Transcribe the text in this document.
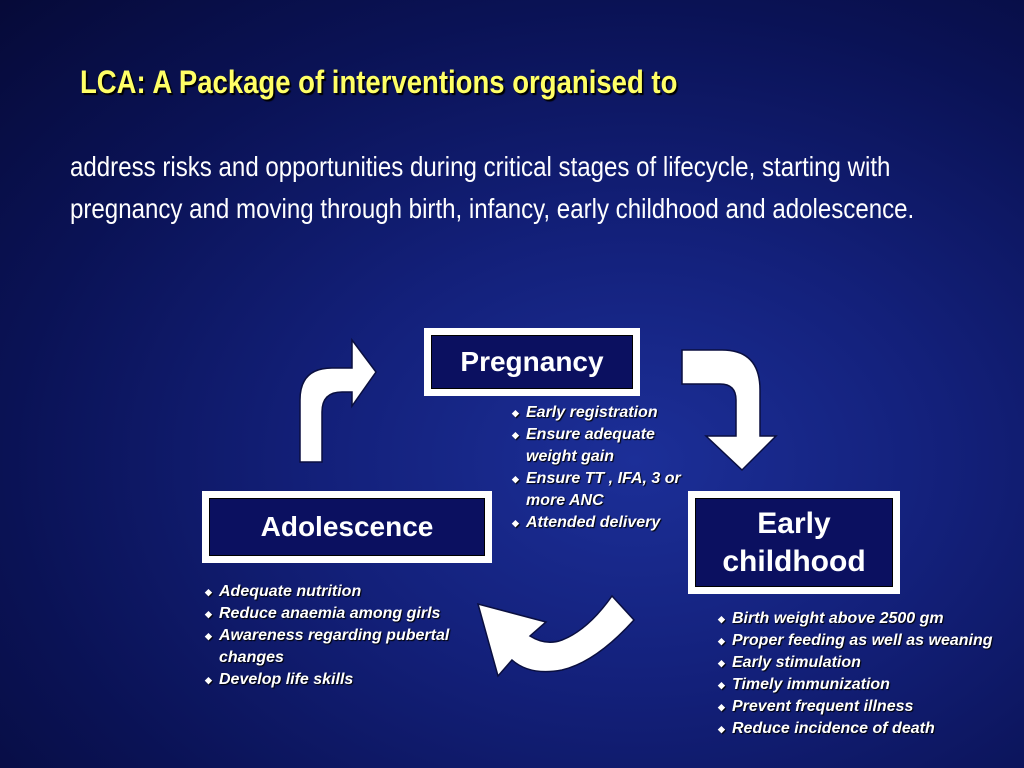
LCA: A Package of interventions organised to
address risks and opportunities during critical stages of lifecycle, starting with pregnancy and moving through birth, infancy, early childhood and adolescence.
Pregnancy
Adolescence	Early childhood
◆ Early registration
◆ Ensure adequate weight gain
◆ Ensure TT , IFA, 3 or more ANC
◆ Attended delivery
◆ Adequate nutrition
◆ Reduce anaemia among girls
◆ Awareness regarding pubertal changes
◆ Develop life skills
◆ Birth weight above 2500 gm
◆ Proper feeding as well as weaning
◆ Early stimulation
◆ Timely immunization
◆ Prevent frequent illness
◆ Reduce incidence of death
